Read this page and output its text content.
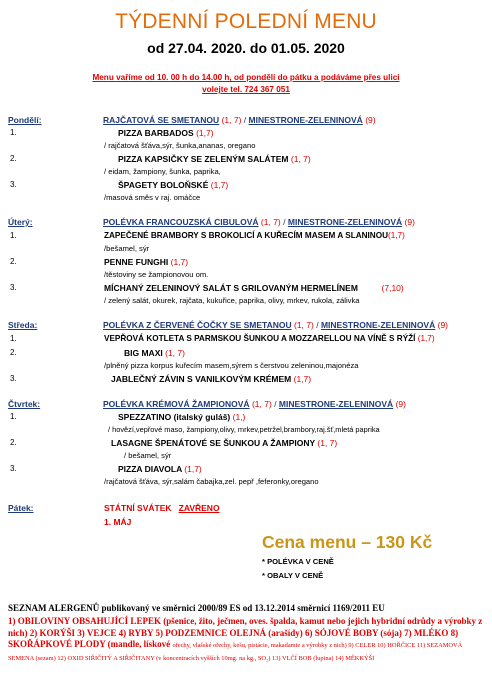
TÝDENNÍ POLEDNÍ MENU
od 27.04. 2020. do 01.05. 2020
Menu vaříme od 10. 00 h do 14.00 h, od pondělí do pátku a podáváme přes ulici
volejte tel. 724 367 051
Pondělí:	RAJČATOVÁ SE SMETANOU (1, 7) / MINESTRONE-ZELENINOVÁ (9)
1.	PIZZA BARBADOS (1,7)
/ rajčatová šťáva,sýr, šunka,ananas, oregano
2.	PIZZA KAPSIČKY SE ZELENÝM SALÁTEM (1, 7)
/ eidam, žampiony, šunka, paprika,
3.	ŠPAGETY BOLOŇSKÉ (1,7)
/masová směs v raj. omáčce
Úterý:	POLÉVKA FRANCOUZSKÁ CIBULOVÁ (1, 7) / MINESTRONE-ZELENINOVÁ (9)
1.	ZAPEČENÉ BRAMBORY S BROKOLICÍ A KUŘECÍM MASEM A SLANINOU(1,7)
/bešamel, sýr
2.	PENNE FUNGHI (1,7)
/těstoviny se žampionovou om.
3.	MÍCHANÝ ZELENINOVÝ SALÁT S GRILOVANÝM HERMELÍNEM	(7,10)
/ zelený salát, okurek, rajčata, kukuřice, paprika, olivy, mrkev, rukola, zálivka
Středa:	POLÉVKA Z ČERVENÉ ČOČKY SE SMETANOU (1, 7) / MINESTRONE-ZELENINOVÁ (9)
1.	VEPŘOVÁ KOTLETA S PARMSKOU ŠUNKOU A MOZZARELLOU NA VÍNĚ S RÝŽÍ (1,7)
2.	BIG MAXI (1, 7)
/plněný pizza korpus kuřecím masem,sýrem s čerstvou zeleninou,majonéza
3.	JABLEČNÝ ZÁVIN S VANILKOVÝM KRÉMEM (1,7)
Čtvrtek:	POLÉVKA KRÉMOVÁ ŽAMPIONOVÁ (1, 7) / MINESTRONE-ZELENINOVÁ (9)
1.	SPEZZATINO (italský guláš) (1,)
/ hovězí,vepřové maso, žampiony,olivy, mrkev,petržel,brambory,raj.šť,mletá paprika
2.	LASAGNE ŠPENÁTOVÉ SE ŠUNKOU A ŽAMPIONY (1, 7)
/ bešamel, sýr
3.	PIZZA DIAVOLA (1,7)
/rajčatová šťáva, sýr,salám čabajka,zel. pepř ,feferonky,oregano
Pátek:	STÁTNÍ SVÁTEK ZAVŘENO
1. MÁJ
Cena menu – 130 Kč
* POLÉVKA V CENĚ
* OBALY V CENĚ
SEZNAM ALERGENŮ publikovaný ve směrnici 2000/89 ES od 13.12.2014 směrnicí 1169/2011 EU
1) OBILOVINY OBSAHUJÍCÍ LEPEK (pšenice, žito, ječmen, oves. špalda, kamut nebo jejich hybridní odrůdy a výrobky z nich) 2) KORÝŠI 3) VEJCE 4) RYBY 5) PODZEMNICE OLEJNÁ (arašídy) 6) SÓJOVÉ BOBY (sója) 7) MLÉKO 8) SKOŘÁPKOVÉ PLODY (mandle, lískové ořechy, vlašské ořechy, kešu, pistácie, makadamie a výrobky z nich) 9) CELER 10) HOŘČICE 11) SEZAMOVÁ SEMENA (sezam) 12) OXID SIŘIČITÝ A SIŘIČITANY (v koncentracích vyšších 10mg. na kg., SO₂) 13) VLČÍ BOB (lupina) 14) MĚKKÝŠI
